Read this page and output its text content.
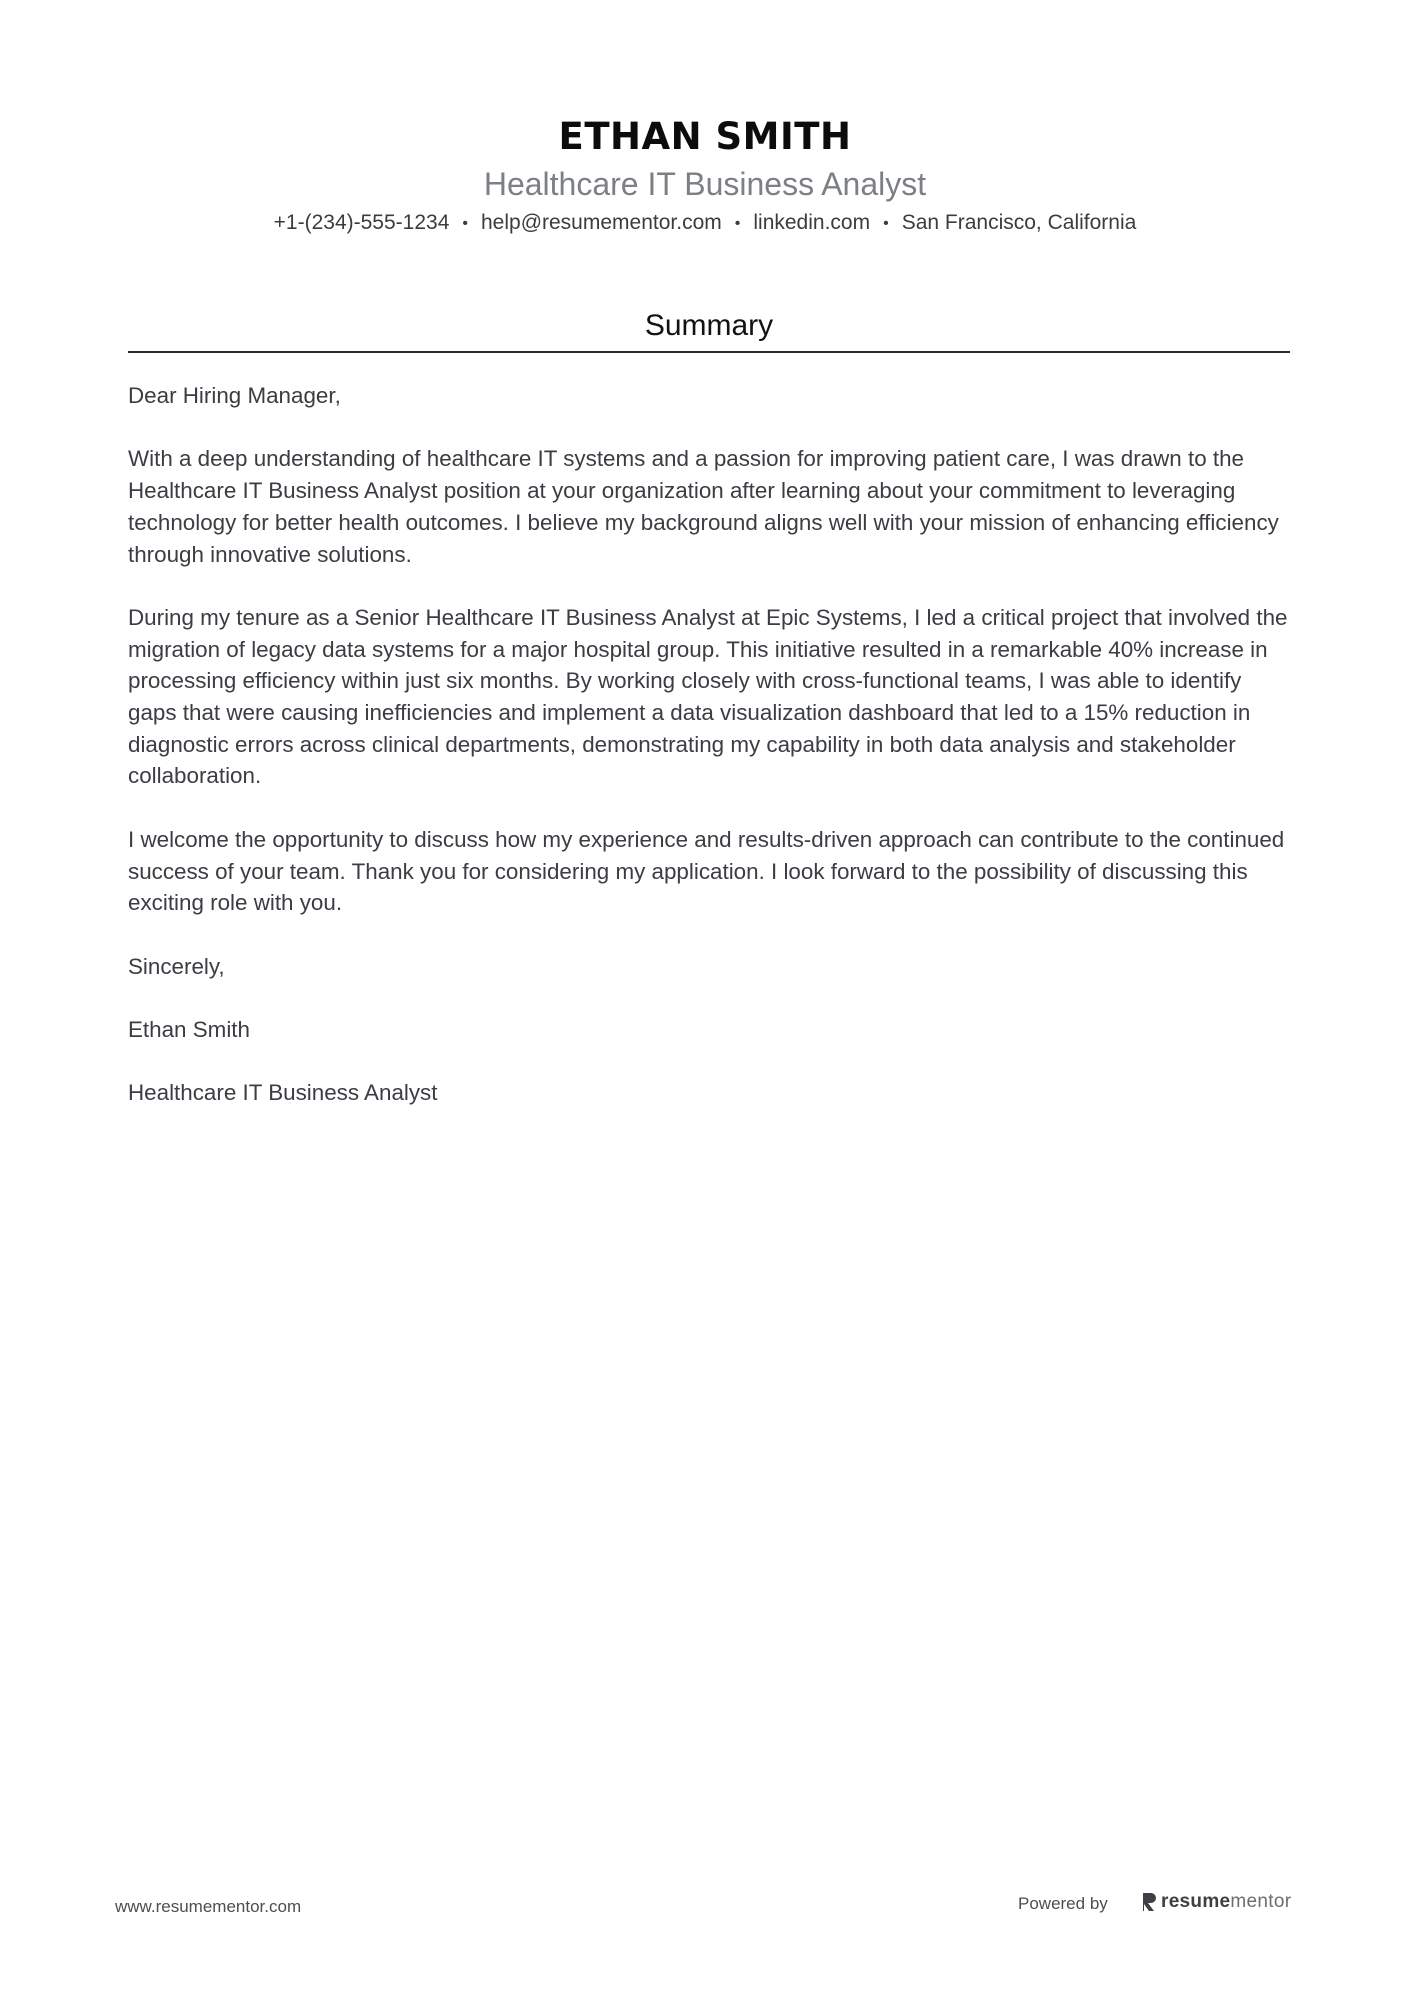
ETHAN SMITH
Healthcare IT Business Analyst
+1-(234)-555-1234 • help@resumementor.com • linkedin.com • San Francisco, California
Summary

Dear Hiring Manager,

With a deep understanding of healthcare IT systems and a passion for improving patient care, I was drawn to the Healthcare IT Business Analyst position at your organization after learning about your commitment to leveraging technology for better health outcomes. I believe my background aligns well with your mission of enhancing efficiency through innovative solutions.

During my tenure as a Senior Healthcare IT Business Analyst at Epic Systems, I led a critical project that involved the migration of legacy data systems for a major hospital group. This initiative resulted in a remarkable 40% increase in processing efficiency within just six months. By working closely with cross-functional teams, I was able to identify gaps that were causing inefficiencies and implement a data visualization dashboard that led to a 15% reduction in diagnostic errors across clinical departments, demonstrating my capability in both data analysis and stakeholder collaboration.

I welcome the opportunity to discuss how my experience and results-driven approach can contribute to the continued success of your team. Thank you for considering my application. I look forward to the possibility of discussing this exciting role with you.

Sincerely,

Ethan Smith

Healthcare IT Business Analyst

www.resumementor.com	Powered by	resume mentor
